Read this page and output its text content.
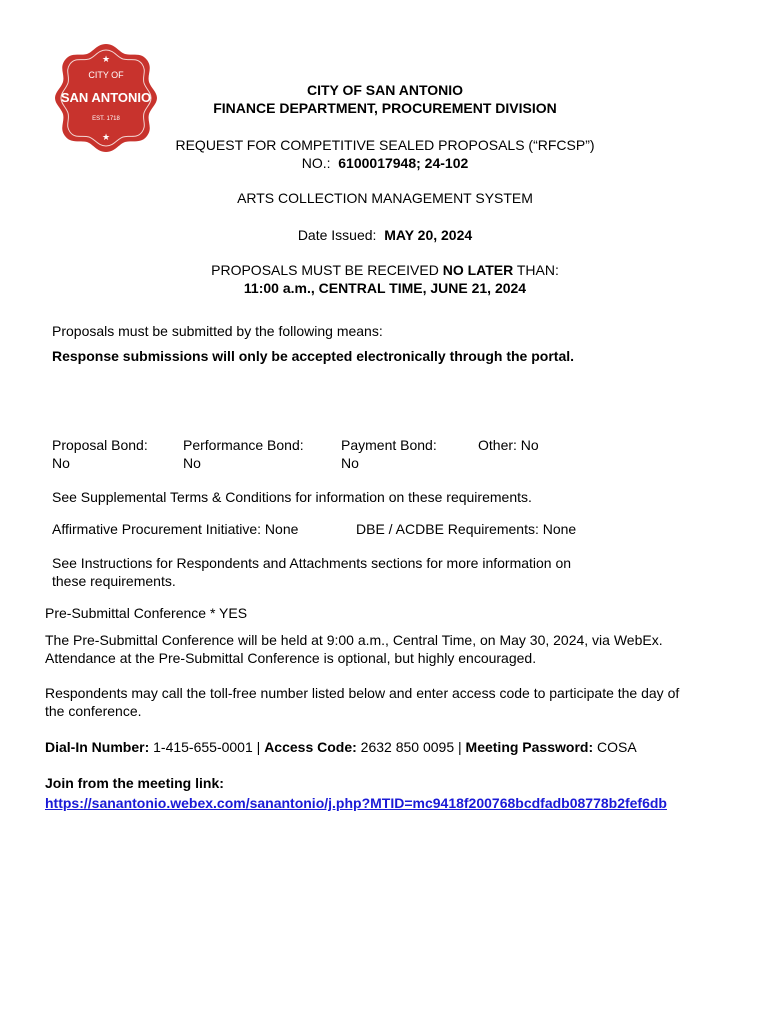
★
★
CITY OF
SAN ANTONIO
EST. 1718
CITY OF SAN ANTONIO
FINANCE DEPARTMENT, PROCUREMENT DIVISION
REQUEST FOR COMPETITIVE SEALED PROPOSALS (“RFCSP”)
NO.: 6100017948; 24-102
ARTS COLLECTION MANAGEMENT SYSTEM
Date Issued: MAY 20, 2024
PROPOSALS MUST BE RECEIVED NO LATER THAN:
11:00 a.m., CENTRAL TIME, JUNE 21, 2024
Proposals must be submitted by the following means:
Response submissions will only be accepted electronically through the portal.
Proposal Bond:
No
Performance Bond:
No
Payment Bond:
No
Other: No
See Supplemental Terms & Conditions for information on these requirements.
Affirmative Procurement Initiative: None	DBE / ACDBE Requirements: None
See Instructions for Respondents and Attachments sections for more information on
these requirements.
Pre-Submittal Conference * YES
The Pre-Submittal Conference will be held at 9:00 a.m., Central Time, on May 30, 2024, via WebEx.
Attendance at the Pre-Submittal Conference is optional, but highly encouraged.
Respondents may call the toll-free number listed below and enter access code to participate the day of
the conference.
Dial-In Number: 1-415-655-0001 | Access Code: 2632 850 0095 | Meeting Password: COSA
Join from the meeting link:
https://sanantonio.webex.com/sanantonio/j.php?MTID=mc9418f200768bcdfadb08778b2fef6db
